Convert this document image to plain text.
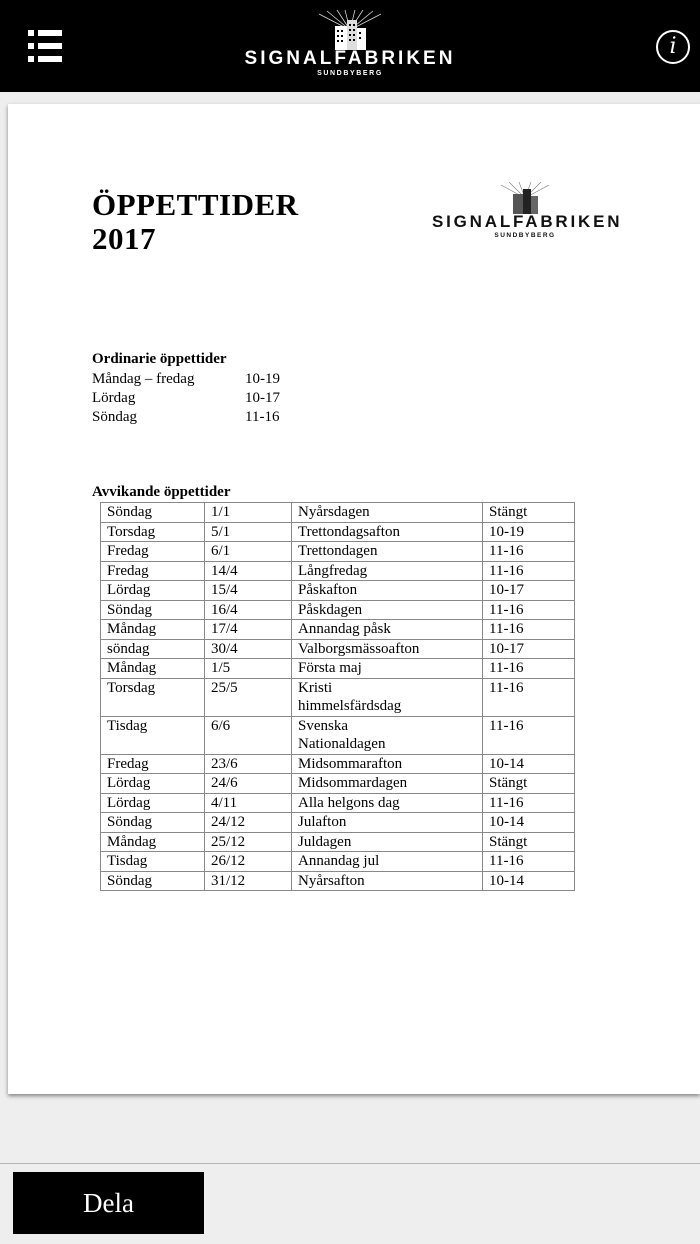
SIGNALFABRIKEN
SUNDBYBERG
i
ÖPPETTIDER
2017	SIGNALFABRIKEN
SUNDBYBERG
Ordinarie öppettider
Måndag – fredag	10-19
Lördag	10-17
Söndag	11-16
Avvikande öppettider
Söndag	1/1	Nyårsdagen	Stängt
Torsdag	5/1	Trettondagsafton	10-19
Fredag	6/1	Trettondagen	11-16
Fredag	14/4	Långfredag	11-16
Lördag	15/4	Påskafton	10-17
Söndag	16/4	Påskdagen	11-16
Måndag	17/4	Annandag påsk	11-16
söndag	30/4	Valborgsmässoafton	10-17
Måndag	1/5	Första maj	11-16
Torsdag	25/5	Kristi
himmelsfärdsdag	11-16
Tisdag	6/6	Svenska
Nationaldagen	11-16
Fredag	23/6	Midsommarafton	10-14
Lördag	24/6	Midsommardagen	Stängt
Lördag	4/11	Alla helgons dag	11-16
Söndag	24/12	Julafton	10-14
Måndag	25/12	Juldagen	Stängt
Tisdag	26/12	Annandag jul	11-16
Söndag	31/12	Nyårsafton	10-14
Dela
